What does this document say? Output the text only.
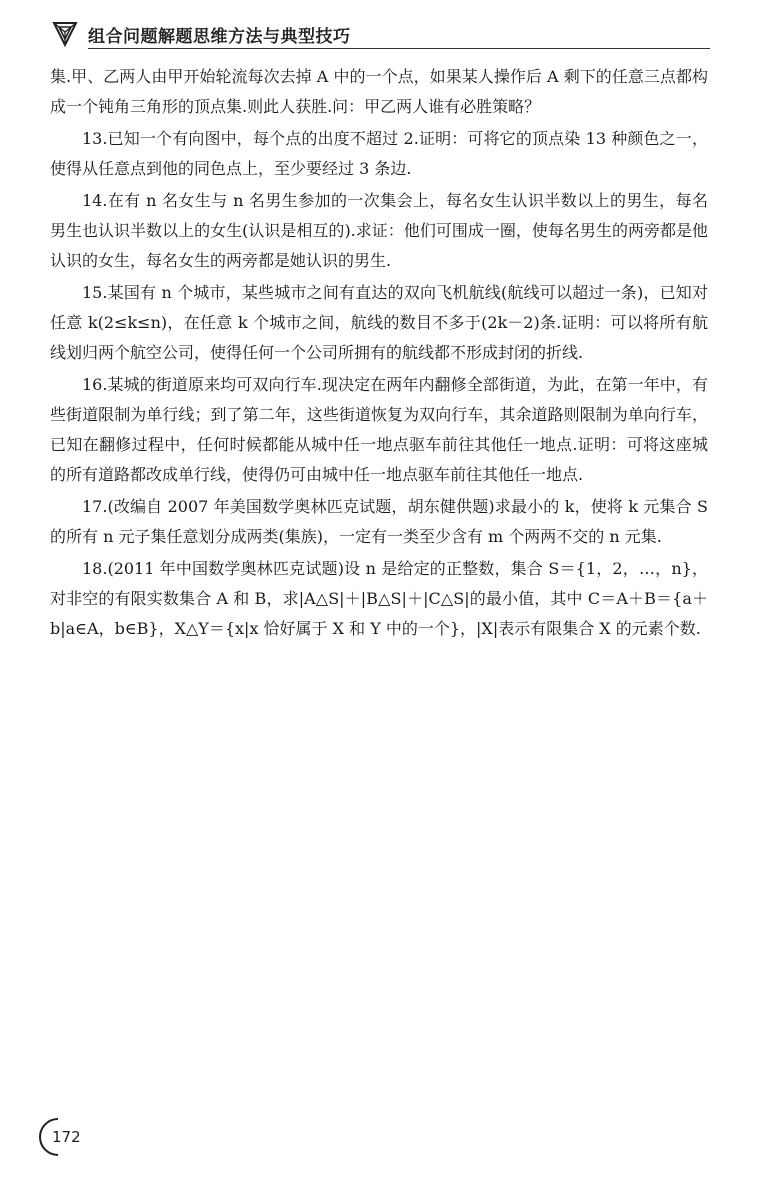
组合问题解题思维方法与典型技巧

集.甲、乙两人由甲开始轮流每次去掉 A 中的一个点，如果某人操作后 A 剩下的任意三点都构成一个钝角三角形的顶点集.则此人获胜.问：甲乙两人谁有必胜策略？

13.已知一个有向图中，每个点的出度不超过 2.证明：可将它的顶点染 13 种颜色之一，使得从任意点到他的同色点上，至少要经过 3 条边.

14.在有 n 名女生与 n 名男生参加的一次集会上，每名女生认识半数以上的男生，每名男生也认识半数以上的女生(认识是相互的).求证：他们可围成一圈，使每名男生的两旁都是他认识的女生，每名女生的两旁都是她认识的男生.

15.某国有 n 个城市，某些城市之间有直达的双向飞机航线(航线可以超过一条)，已知对任意 k(2≤k≤n)，在任意 k 个城市之间，航线的数目不多于(2k－2)条.证明：可以将所有航线划归两个航空公司，使得任何一个公司所拥有的航线都不形成封闭的折线.

16.某城的街道原来均可双向行车.现决定在两年内翻修全部街道，为此，在第一年中，有些街道限制为单行线；到了第二年，这些街道恢复为双向行车，其余道路则限制为单向行车，已知在翻修过程中，任何时候都能从城中任一地点驱车前往其他任一地点.证明：可将这座城的所有道路都改成单行线，使得仍可由城中任一地点驱车前往其他任一地点.

17.(改编自 2007 年美国数学奥林匹克试题，胡东健供题)求最小的 k，使将 k 元集合 S 的所有 n 元子集任意划分成两类(集族)，一定有一类至少含有 m 个两两不交的 n 元集.

18.(2011 年中国数学奥林匹克试题)设 n 是给定的正整数，集合 S＝{1，2，…，n}，对非空的有限实数集合 A 和 B，求|A△S|＋|B△S|＋|C△S|的最小值，其中 C＝A＋B＝{a＋b|a∈A，b∈B}，X△Y＝{x|x 恰好属于 X 和 Y 中的一个}，|X|表示有限集合 X 的元素个数.

172
